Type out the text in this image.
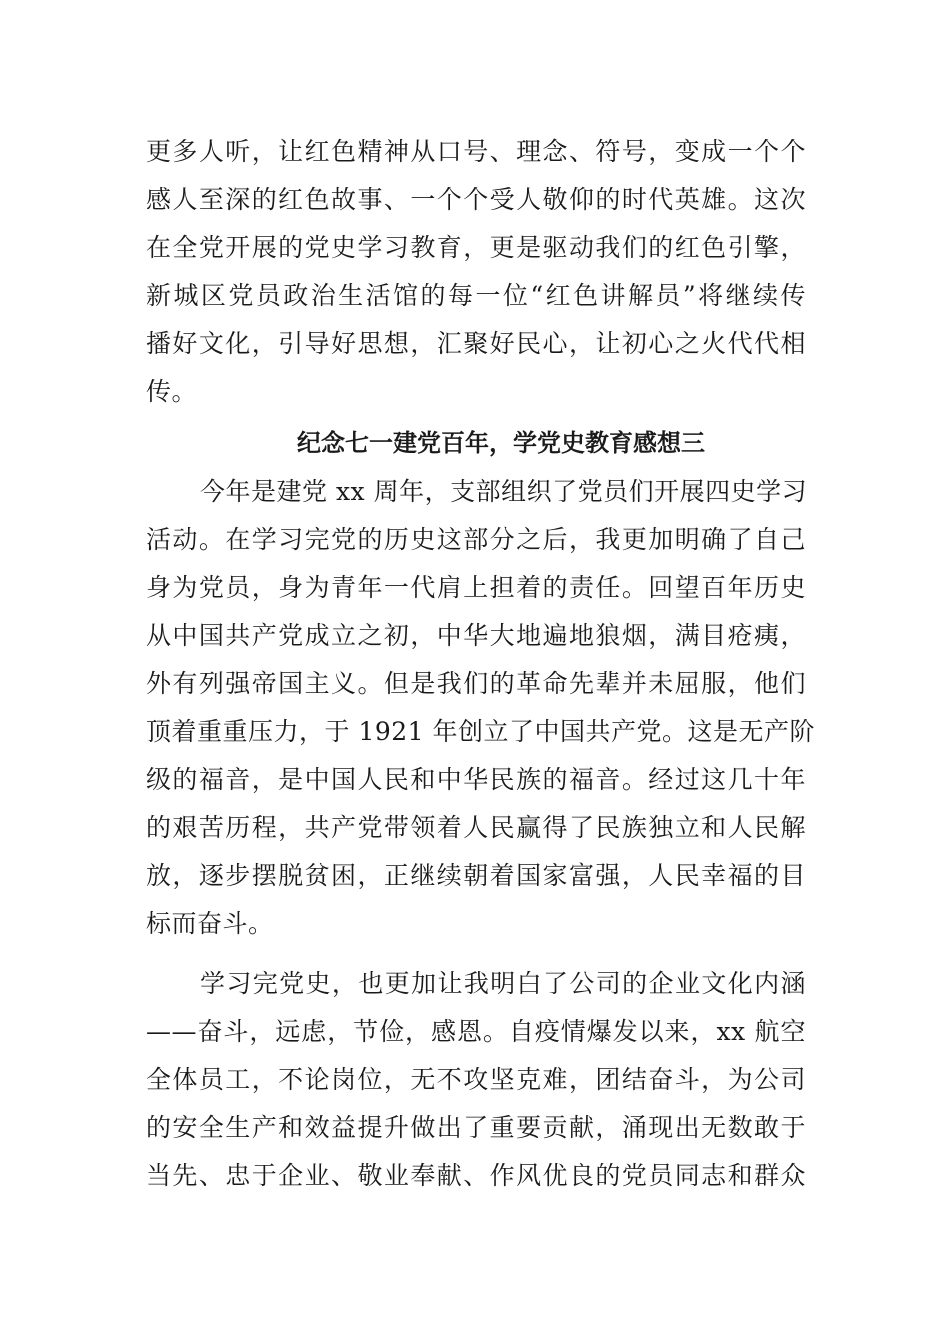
更多人听，让红色精神从口号、理念、符号，变成一个个
感人至深的红色故事、一个个受人敬仰的时代英雄。这次
在全党开展的党史学习教育，更是驱动我们的红色引擎，
新城区党员政治生活馆的每一位“红色讲解员”将继续传
播好文化，引导好思想，汇聚好民心，让初心之火代代相
传。
纪念七一建党百年，学党史教育感想三
今年是建党 xx 周年，支部组织了党员们开展四史学习
活动。在学习完党的历史这部分之后，我更加明确了自己
身为党员，身为青年一代肩上担着的责任。回望百年历史
从中国共产党成立之初，中华大地遍地狼烟，满目疮痍，
外有列强帝国主义。但是我们的革命先辈并未屈服，他们
顶着重重压力，于 1921 年创立了中国共产党。这是无产阶
级的福音，是中国人民和中华民族的福音。经过这几十年
的艰苦历程，共产党带领着人民赢得了民族独立和人民解
放，逐步摆脱贫困，正继续朝着国家富强，人民幸福的目
标而奋斗。
学习完党史，也更加让我明白了公司的企业文化内涵
——奋斗，远虑，节俭，感恩。自疫情爆发以来，xx 航空
全体员工，不论岗位，无不攻坚克难，团结奋斗，为公司
的安全生产和效益提升做出了重要贡献，涌现出无数敢于
当先、忠于企业、敬业奉献、作风优良的党员同志和群众
